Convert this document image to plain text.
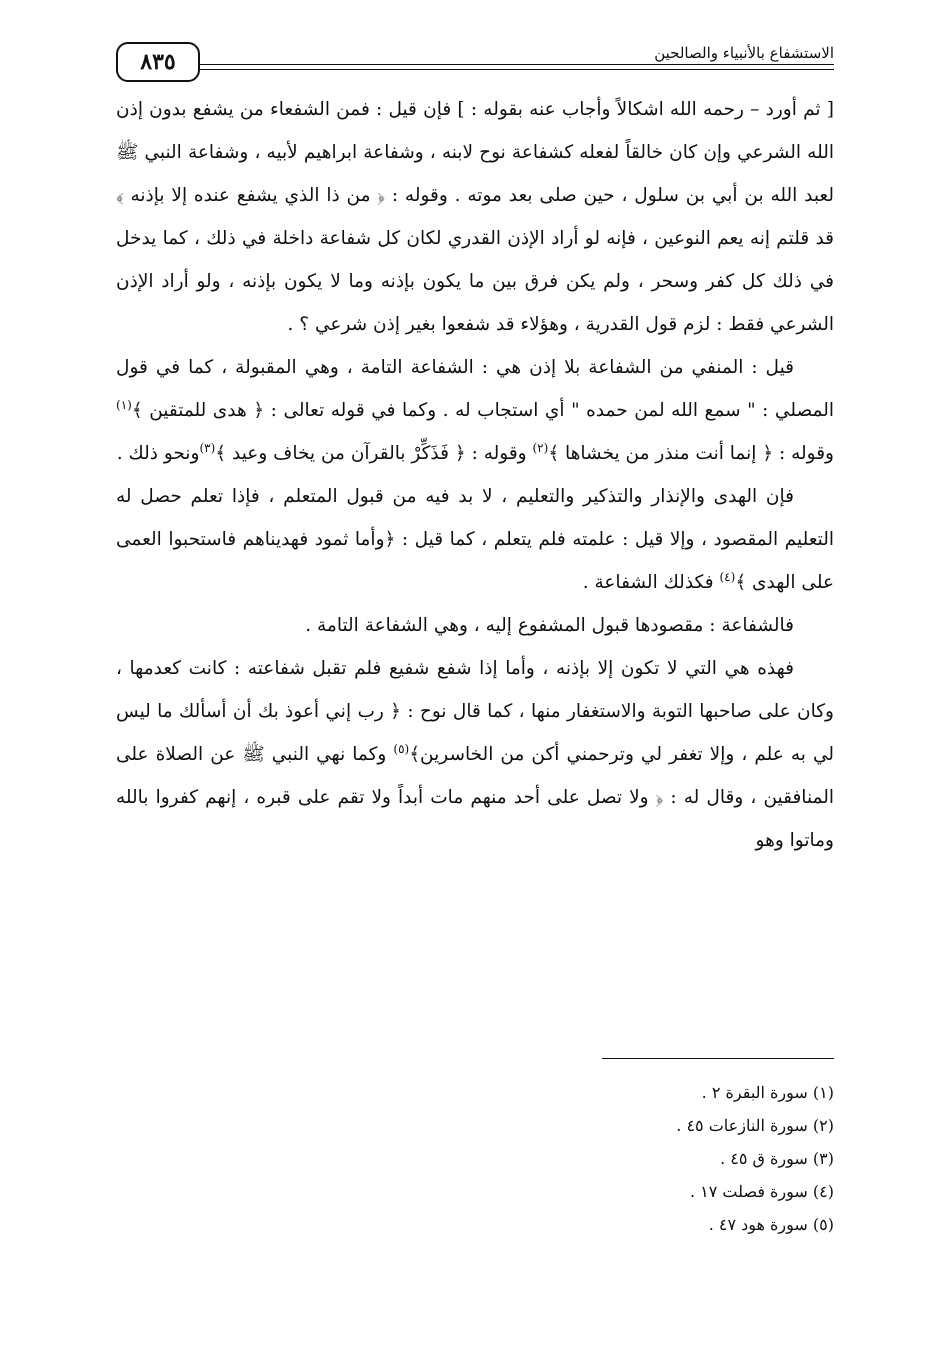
٨٣٥	الاستشفاع بالأنبياء والصالحين

[ ثم أورد – رحمه الله اشكالاً وأجاب عنه بقوله : ] فإن قيل : فمن الشفعاء من يشفع بدون إذن الله الشرعي وإن كان خالقاً لفعله كشفاعة نوح لابنه ، وشفاعة ابراهيم لأبيه ، وشفاعة النبي ﷺ لعبد الله بن أبي بن سلول ، حين صلى بعد موته . وقوله : ﴿ من ذا الذي يشفع عنده إلا بإذنه ﴾ قد قلتم إنه يعم النوعين ، فإنه لو أراد الإذن القدري لكان كل شفاعة داخلة في ذلك ، كما يدخل في ذلك كل كفر وسحر ، ولم يكن فرق بين ما يكون بإذنه وما لا يكون بإذنه ، ولو أراد الإذن الشرعي فقط : لزم قول القدرية ، وهؤلاء قد شفعوا بغير إذن شرعي ؟ .

قيل : المنفي من الشفاعة بلا إذن هي : الشفاعة التامة ، وهي المقبولة ، كما في قول المصلي : " سمع الله لمن حمده " أي استجاب له . وكما في قوله تعالى : ﴿ هدى للمتقين ﴾$^{(١)}$ وقوله : ﴿ إنما أنت منذر من يخشاها ﴾$^{(٢)}$ وقوله : ﴿ فَذَكِّرْ بالقرآن من يخاف وعيد ﴾$^{(٣)}$ونحو ذلك .

فإن الهدى والإنذار والتذكير والتعليم ، لا بد فيه من قبول المتعلم ، فإذا تعلم حصل له التعليم المقصود ، وإلا قيل : علمته فلم يتعلم ، كما قيل : ﴿وأما ثمود فهديناهم فاستحبوا العمى على الهدى ﴾$^{(٤)}$ فكذلك الشفاعة .

فالشفاعة : مقصودها قبول المشفوع إليه ، وهي الشفاعة التامة .

فهذه هي التي لا تكون إلا بإذنه ، وأما إذا شفع شفيع فلم تقبل شفاعته : كانت كعدمها ، وكان على صاحبها التوبة والاستغفار منها ، كما قال نوح : ﴿ رب إني أعوذ بك أن أسألك ما ليس لي به علم ، وإلا تغفر لي وترحمني أكن من الخاسرين﴾$^{(٥)}$ وكما نهي النبي ﷺ عن الصلاة على المنافقين ، وقال له : ﴿ ولا تصل على أحد منهم مات أبداً ولا تقم على قبره ، إنهم كفروا بالله وماتوا وهو

(١) سورة البقرة ٢ .
(٢) سورة النازعات ٤٥ .
(٣) سورة ق ٤٥ .
(٤) سورة فصلت ١٧ .
(٥) سورة هود ٤٧ .
